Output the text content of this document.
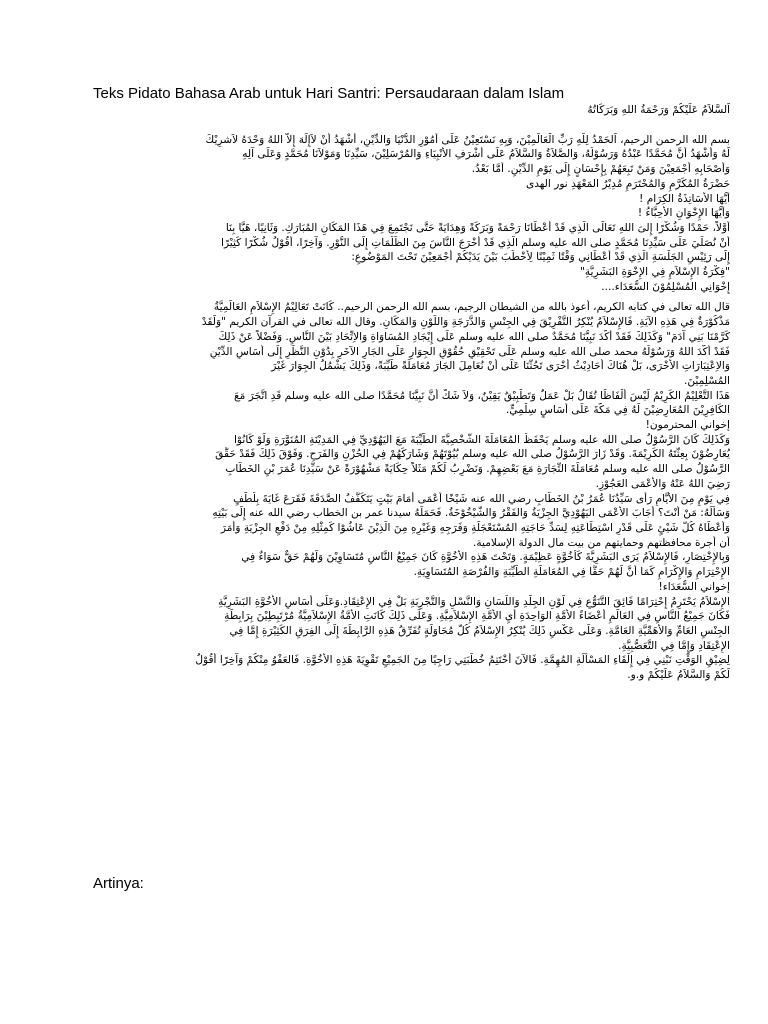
Teks Pidato Bahasa Arab untuk Hari Santri: Persaudaraan dalam Islam
اَلسَّلاَمُ عَلَيْكُمْ وَرَحْمَةُ اللهِ وَبَرَكَاتُهُ
بسم الله الرحمن الرحيم، اَلحَمْدُ لِلّهِ رَبِّ الْعَالَمِيْنَ، وَبِهِ نَسْتَعِيْنُ عَلَى أُمُوْرِ الدُّنْيَا وَالدِّيْنِ، أَشْهَدُ أَنْ لاَإِلَهَ إِلاَّ اللهُ وَحْدَهُ لاَشرِيْكَ
لَهُ وَأَشْهَدُ أَنَّ مُحَمَّدًا عَبْدُهُ وَرَسُوْلُهُ، وَالصَّلاَةُ وَالسَّلاَمُ عَلَى أَشْرَفِ الأَنْبِيَاءِ وَالمُرْسَلِيْنَ، سَيِّدِنَا وَمَوْلاَنَا مُحَمَّدٍ وَعَلَى آلِهِ
وَأَصْحَابِهِ أَجْمَعِيْنَ وَمَنْ تَبِعَهُمْ بِإِحْسَانٍ إِلَى يَوْمِ الدِّيْنِ. أَمَّا بَعْدُ.
حَضْرَةُ المُكَرَّمِ وَالمُحْتَرَمِ مُدِيْرُ المَعْهَدِ نور الهدى
أَيُّهَا الأَسَاتِذَةُ الكِرَام !
وَأَيُّهَا الإِخْوَانِ الأَحِبَّاءُ !
أَوَّلاً، حَمْدًا وَشُكْرًا إِلىَ اللهِ تَعَالَى الَّذِي قَدْ أَعْطَانَا رَحْمَةً وَبَرَكَةً وَهِدَايَةً حَتَّى نَجْتَمِعَ فِي هَذَا المَكَانِ المُبَارَكِ. وَثَانِيًا، هَيَّا بِنَا
أَنْ نُصَلِّيَ عَلَى سَيِّدِنَا مُحَمَّدٍ صلى الله عليه وسلم الَّذِي قَدْ أَخْرَجَ النَّاسَ مِنَ الظُّلُمَاتِ إِلَى النُّوْرِ. وَآخِرًا، أَقُوْلُ شُكْرًا كَثِيْرًا
إِلَى رَئِيْسِ الجَلْسَةِ الَّذِي قَدْ أَعْطَانِي وَقْتًا ثَمِيْنًا لِأَخْطُبَ بَيْنَ يَدَيْكُمْ أَجْمَعِيْنَ تَحْتَ المَوْضُوعِ:
"فِكْرَةُ الإِسْلاَمِ فِي الإِخْوَةِ البَشَرِيَّةِ"
إِخْوَانِي المُسْلِمُوْنَ السُّعَدَاء....
قال الله تعالى في كتابه الكريم، أعوذ بالله من الشيطان الرجيم، بسم الله الرحمن الرحيم.. كَانَتْ تَعَالِيْمُ الإِسْلاَمِ العَالَمِيَّةُ
مَذْكُوْرَةٌ فِي هَذِهِ الآيَةِ. فَالإِسْلاَمُ يُنْكِرُ التَّفْرِيْقَ فِي الجِنْسِ وَالدَّرَجَةِ وَاللَّوْنِ وَالمَكَانِ. وقال الله تعالى في القرآن الكريم "وَلَقَدْ
كَرَّمْنَا بَنِي آدَمَ" وَكَذَلِكَ فَقَدْ أَكَّدَ نَبِيُّنَا مُحَمَّدٌ صلى الله عليه وسلم عَلَى إِيْجَادِ المُسَاوَاةِ وَالاِتِّحَادِ بَيْنَ النَّاسِ. وَفَضْلاً عَنْ ذَلِكَ
فَقَدْ أَكَّدَ اللهُ وَرَسُوْلُهُ محمد صلى الله عليه وسلم عَلَى تَحْقِيْقِ حُقُوْقِ الجِوَارِ عَلَى الجَارِ الآخَرِ بِدُوْنِ النَّظَرِ إِلَى أَسَاسِ الدِّيْنِ
وَالاِعْتِبَارَاتِ الأُخْرَى، بَلْ هُنَاكَ أَحَادِيْثُ أُخْرَى تَحُثُّنَا عَلَى أَنْ نُعَامِلَ الجَارَ مُعَامَلَةً طَيِّبَةً، وَذَلِكَ يَشْمُلُ الجِوَارَ غَيْرَ
المُسْلِمِيْنَ.
هَذَا التَّعْلِيْمُ الكَرِيْمُ لَيْسَ أَلْفَاظًا تُقَالُ بَلْ عَمَلٌ وَتَطْبِيْقٌ يَقِيْنٌ، وَلاَ شَكَّ أَنَّ نَبِيَّنَا مُحَمَّدًا صلى الله عليه وسلم قَدِ اتَّجَرَ مَعَ
الكَافِرِيْنَ المُعَارِضِيْنَ لَهُ فِي مَكَّةَ عَلَى أَسَاسٍ سِلْمِيٍّ.
إخواني المحترمون!
وَكَذَلِكَ كَانَ الرَّسُوْلُ صلى الله عليه وسلم يَحْفَظُ المُعَامَلَةَ الشَّخْصِيَّةَ الطَّيِّبَةَ مَعَ اليَهُوْدِيِّ فِي المَدِيْنَةِ المُنَوَّرَةِ وَلَوْ كَانُوْا
يُعَارِضُوْنَ بِعِثَّتَهُ الكَرِيْمَةَ. وَقَدْ زَارَ الرَّسُوْلُ صلى الله عليه وسلم بُيُوْتَهُمْ وَشَارَكَهُمْ فِي الحُزْنِ وَالفَرَحِ. وَفَوْقَ ذَلِكَ فَقَدْ حَقَّقَ
الرَّسُوْلُ صلى الله عليه وسلم مُعَامَلَةَ التِّجَارَةِ مَعَ بَعْضِهِمْ. وَنَضْرِبُ لَكُمْ مَثَلاً حِكَايَةً مَشْهُوْرَةً عَنْ سَيِّدِنَا عُمَرَ بْنِ الخَطَّابِ
رَضِيَ اللهُ عَنْهُ وَالأَعْمَى العَجُوْزِ.
فِي يَوْمٍ مِنَ الأَيَّامِ رَأَى سَيِّدُنَا عُمَرُ بْنُ الخَطَّابِ رضي الله عنه شَيْخًا أَعْمَى أَمَامَ بَيْتٍ يَتَكَفَّفُ الصَّدَقَةَ فَقَرَعَ غَايَةَ بِلُطْفٍ
وَسَأَلَهُ: مَنْ أَنْتَ؟ أَجَابَ الأَعْمَى اليَهُوْدِيَّ الجِزْيَةُ وَالفَقْرُ وَالشَّيْخُوْخَةُ. فَحَمَلَهُ سيدنا عمر بن الخطاب رضي الله عنه إِلَى بَيْتِهِ
وَأَعْطَاهُ كُلَّ شَيْئٍ عَلَى قَدْرِ اسْتِطَاعَتِهِ لِسَدِّ حَاجَتِهِ المُسْتَعْجَلَةِ وَفَرَجِهِ وَغَيْرِهِ مِنَ الَّذِيْنَ عَاشُوْا كَمِثْلِهِ مِنْ دَفْعِ الجِزْيَةِ وَأَمَرَ
أن أجرة محافظتهم وحمايتهم من بيت مال الدولة الإسلامية.
وَبِالإِخْتِصَارِ، فَالإِسْلاَمُ يَرَى البَشَرِيَّةَ كَأُخُوَّةٍ عَظِيْمَةٍ. وَتَحْتَ هَذِهِ الأُخُوَّةِ كَانَ جَمِيْعُ النَّاسِ مُتَسَاوِيْنَ وَلَهُمْ حَقٌّ سَوَاءٌ فِي
الإِحْتِرَامِ وَالإِكْرَامِ كَمَا أَنَّ لَهُمْ حَقًّا فِي المُعَامَلَةِ الطَّيِّبَةِ وَالفُرْصَةِ المُتَسَاوِيَةِ.
إخواني السُّعَدَاء!
الإِسْلاَمُ يَحْتَرِمُ إِحْتِرَامًا فَائِقَ التَّنَوُّعِ فِي لَوْنِ الجِلْدِ وَاللِّسَانِ وَالنَّسْلِ وَالتَّجْرِبَةِ بَلْ فِي الإِعْتِقَادِ.وَعَلَى أَسَاسِ الأُخُوَّةِ البَشَرِيَّةِ
فَكَانَ جَمِيْعُ النَّاسِ فِي العَالَمِ أَعْضَاءً الأُمَّةِ الوَاحِدَةِ أَيِ الأُمَّةِ الإِسْلاَمِيَّةِ. وَعَلَى ذَلِكَ كَانَتِ الأُمَّةُ الإِسْلاَمِيَّةُ مُرْتَبِطِيْنَ بِرَابِطَةِ
الجِنْسِ العَامِّ وَالأَهَمِّيَّةِ العَامَّةِ. وَعَلَى عَكْسِ ذَلِكَ يُنْكِرُ الإِسْلاَمُ كُلَّ مُحَاوَلَةٍ تُفَرِّقُ هَذِهِ الرَّابِطَةَ إِلَى الفِرَقِ الكَثِيْرَةِ إِمَّا فِي
الإِعْتِقَادِ وَإِمَّا فِي التَّعَصُّبِيَّةِ.
لِضِيْقِ الوَقْتِ نَبْنِي فِي إِلْقَاءِ المَسْأَلَةِ المُهِمَّةِ. فَالآنَ أَخْتَتِمُ خُطْبَتِي رَاجِيًا مِنَ الجَمِيْعِ تَقْوِيَةَ هَذِهِ الأُخُوَّةِ. فَالعَفْوُ مِنْكُمْ وَآخِرًا أَقُوْلُ
لَكُمْ وَالسَّلاَمُ عَلَيْكُمْ و.و.
Artinya:
